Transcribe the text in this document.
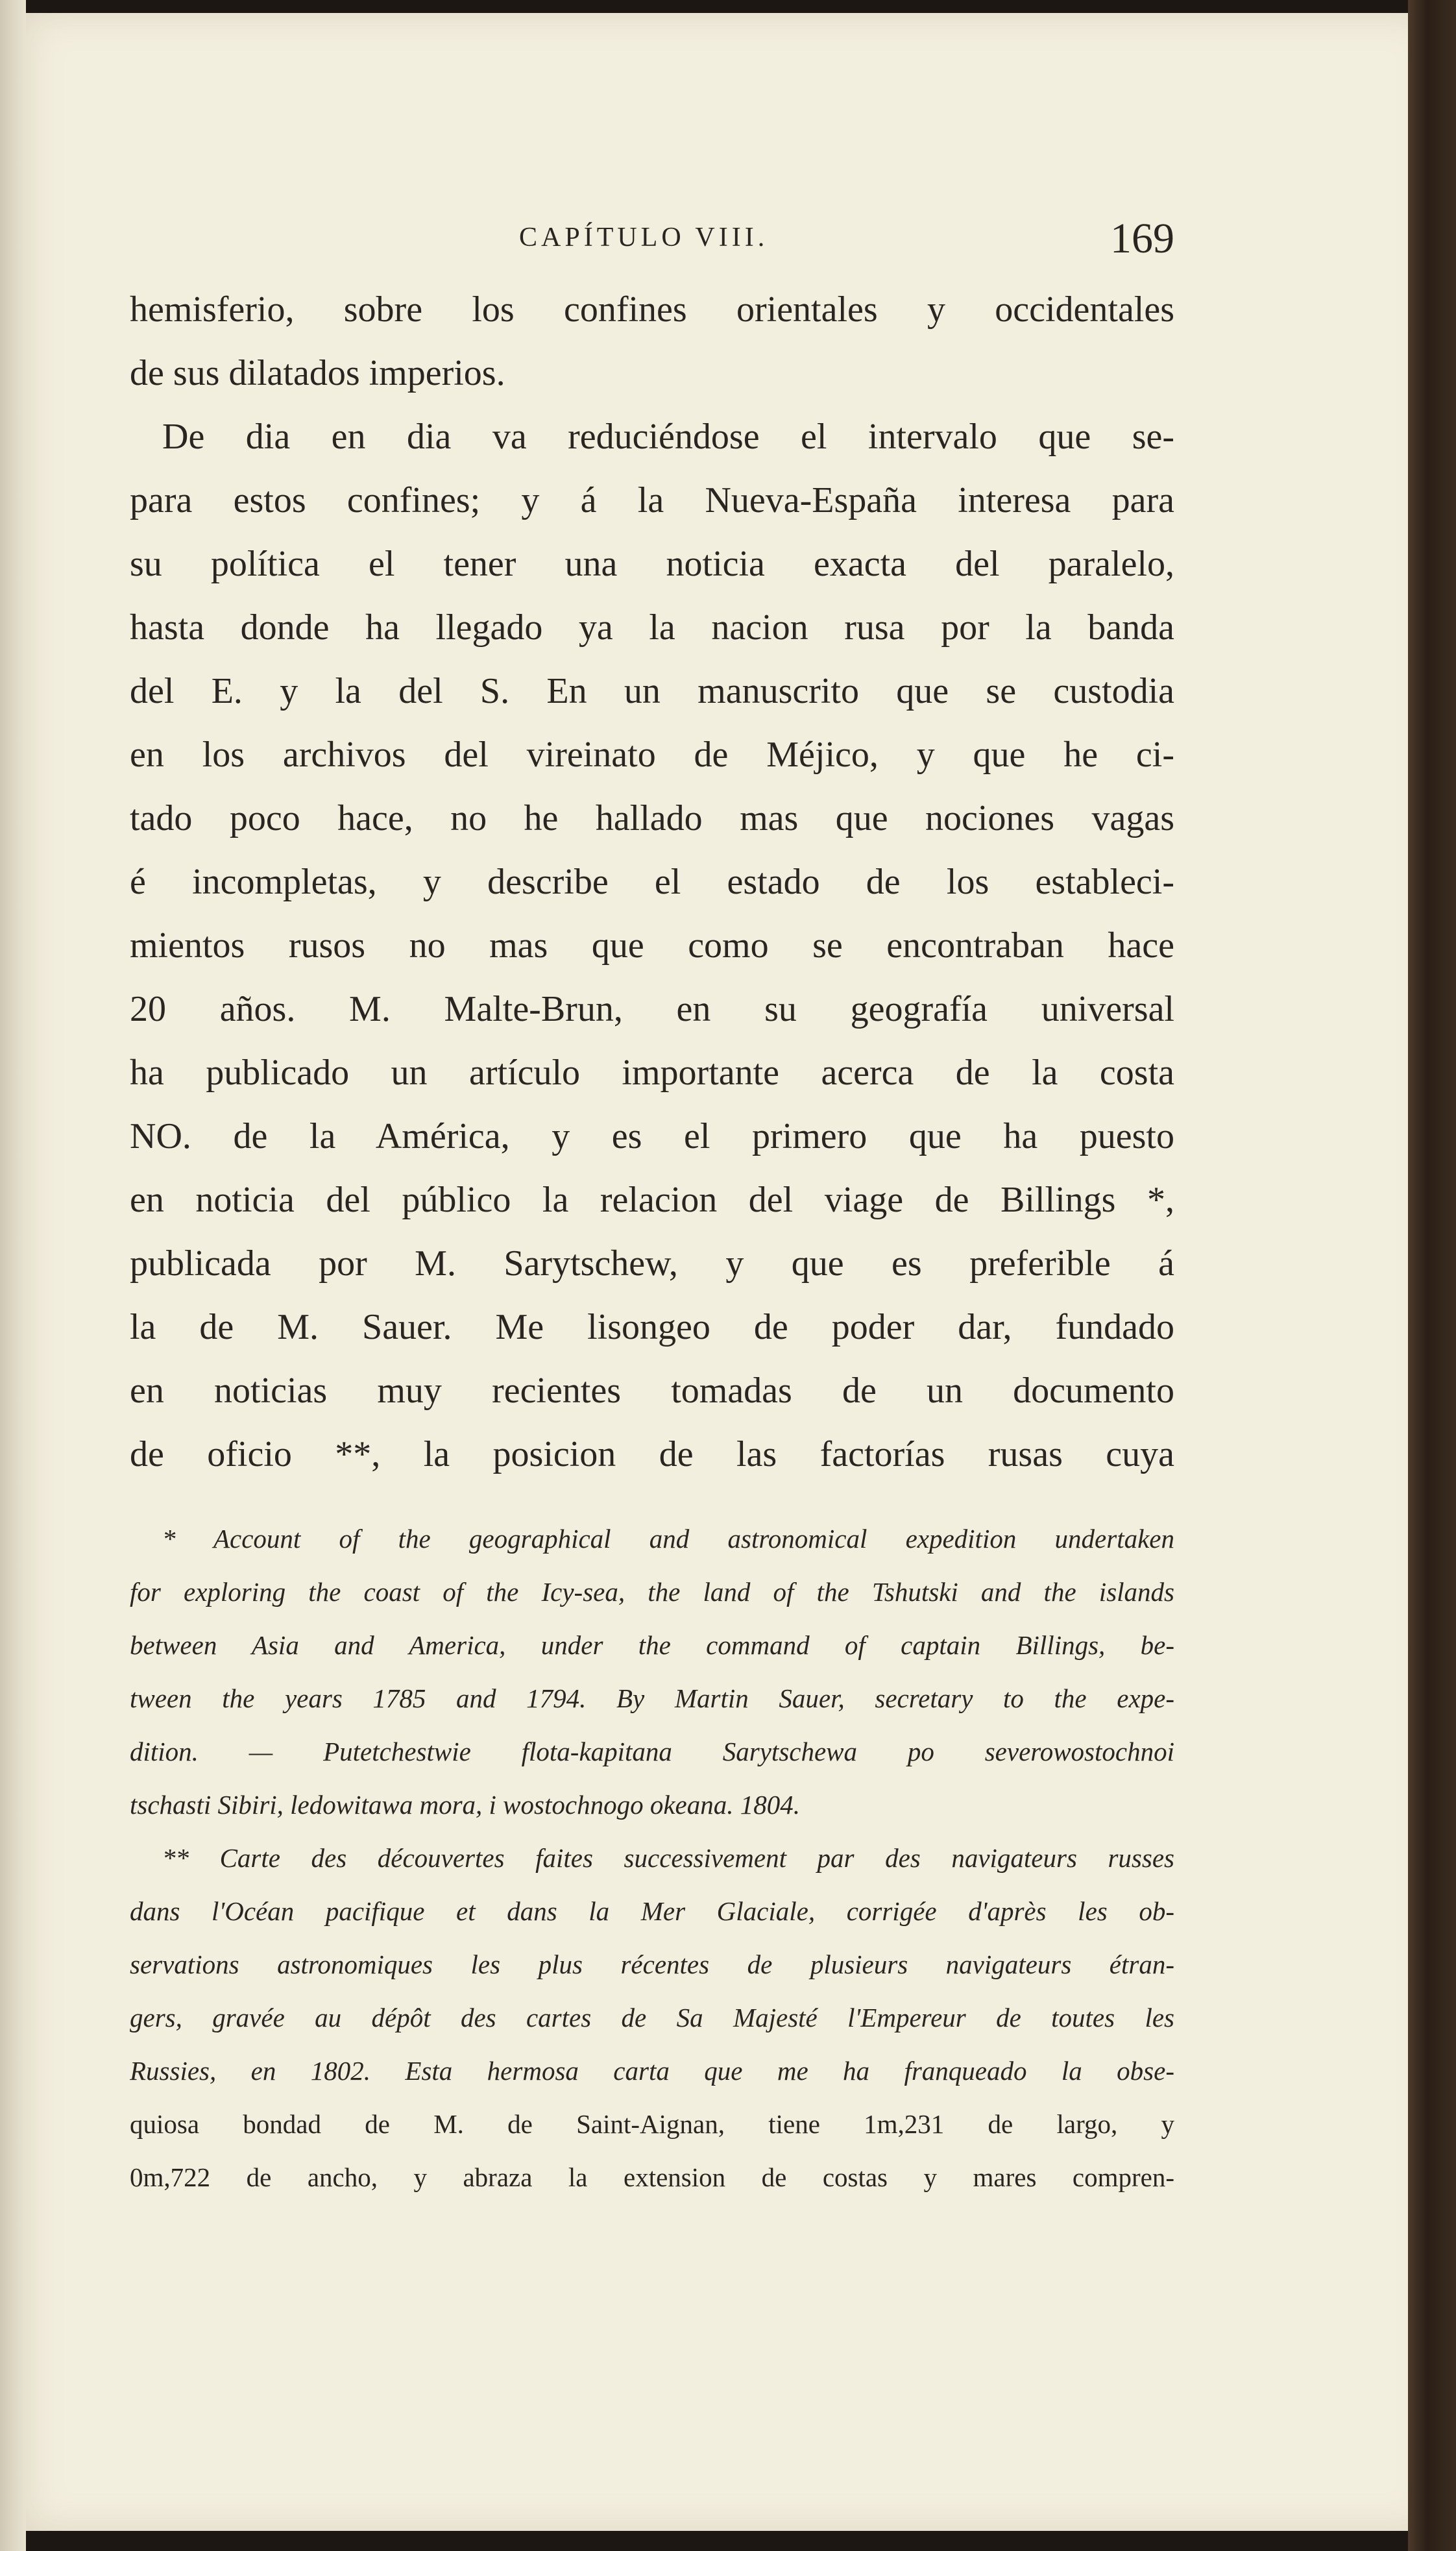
CAPÍTULO VIII.	169
hemisferio, sobre los confines orientales y occidentales
de sus dilatados imperios.
De dia en dia va reduciéndose el intervalo que se-
para estos confines; y á la Nueva-España interesa para
su política el tener una noticia exacta del paralelo,
hasta donde ha llegado ya la nacion rusa por la banda
del E. y la del S. En un manuscrito que se custodia
en los archivos del vireinato de Méjico, y que he ci-
tado poco hace, no he hallado mas que nociones vagas
é incompletas, y describe el estado de los estableci-
mientos rusos no mas que como se encontraban hace
20 años. M. Malte-Brun, en su geografía universal
ha publicado un artículo importante acerca de la costa
NO. de la América, y es el primero que ha puesto
en noticia del público la relacion del viage de Billings *,
publicada por M. Sarytschew, y que es preferible á
la de M. Sauer. Me lisongeo de poder dar, fundado
en noticias muy recientes tomadas de un documento
de oficio **, la posicion de las factorías rusas cuya
* Account of the geographical and astronomical expedition undertaken
for exploring the coast of the Icy-sea, the land of the Tshutski and the islands
between Asia and America, under the command of captain Billings, be-
tween the years 1785 and 1794. By Martin Sauer, secretary to the expe-
dition. — Putetchestwie flota-kapitana Sarytschewa po severowostochnoi
tschasti Sibiri, ledowitawa mora, i wostochnogo okeana. 1804.
** Carte des découvertes faites successivement par des navigateurs russes
dans l'Océan pacifique et dans la Mer Glaciale, corrigée d'après les ob-
servations astronomiques les plus récentes de plusieurs navigateurs étran-
gers, gravée au dépôt des cartes de Sa Majesté l'Empereur de toutes les
Russies, en 1802. Esta hermosa carta que me ha franqueado la obse-
quiosa bondad de M. de Saint-Aignan, tiene 1m,231 de largo, y
0m,722 de ancho, y abraza la extension de costas y mares compren-
